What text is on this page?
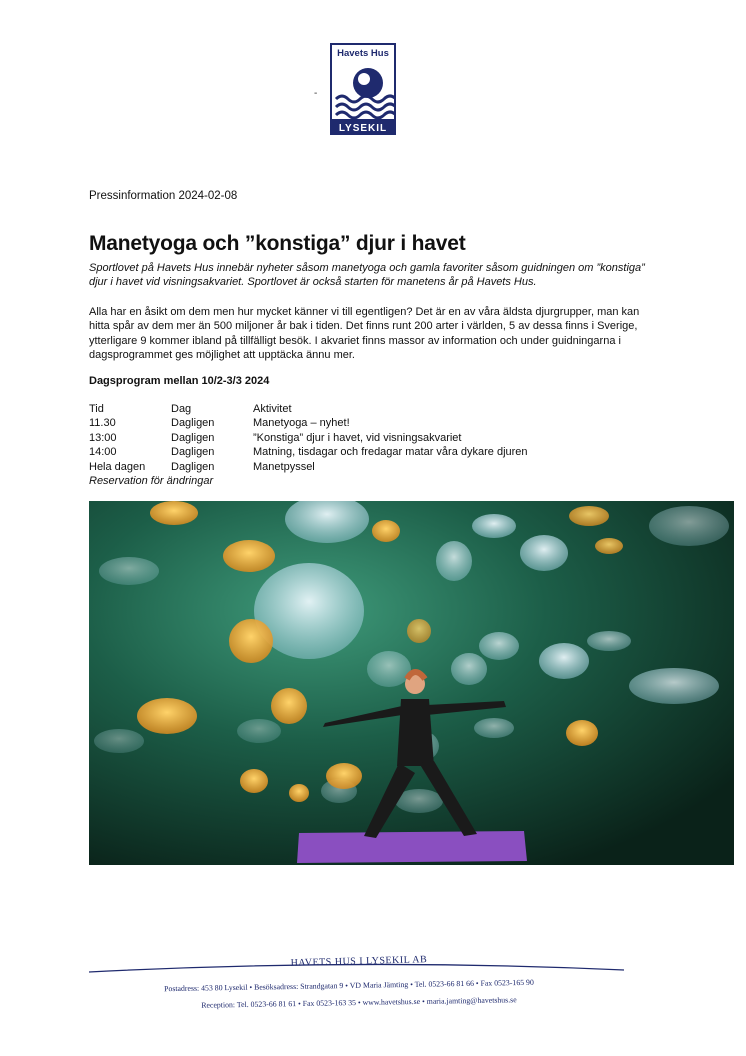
Havets Hus
LYSEKIL
-
Pressinformation 2024-02-08
Manetyoga och ”konstiga” djur i havet

Sportlovet på Havets Hus innebär nyheter såsom manetyoga och gamla favoriter såsom guidningen om ”konstiga” djur i havet vid visningsakvariet. Sportlovet är också starten för manetens år på Havets Hus.

Alla har en åsikt om dem men hur mycket känner vi till egentligen? Det är en av våra äldsta djurgrupper, man kan hitta spår av dem mer än 500 miljoner år bak i tiden. Det finns runt 200 arter i världen, 5 av dessa finns i Sverige, ytterligare 9 kommer ibland på tillfälligt besök. I akvariet finns massor av information och under guidningarna i dagsprogrammet ges möjlighet att upptäcka ännu mer.

Dagsprogram mellan 10/2-3/3 2024

Tid	Dag	Aktivitet
11.30	Dagligen	Manetyoga – nyhet!
13:00	Dagligen	”Konstiga” djur i havet, vid visningsakvariet
14:00	Dagligen	Matning, tisdagar och fredagar matar våra dykare djuren
Hela dagen	Dagligen	Manetpyssel
Reservation för ändringar
HAVETS HUS I LYSEKIL AB
Postadress: 453 80 Lysekil • Besöksadress: Strandgatan 9 • VD Maria Jämting • Tel. 0523-66 81 66 • Fax 0523-165 90
Reception: Tel. 0523-66 81 61 • Fax 0523-163 35 • www.havetshus.se • maria.jamting@havetshus.se
